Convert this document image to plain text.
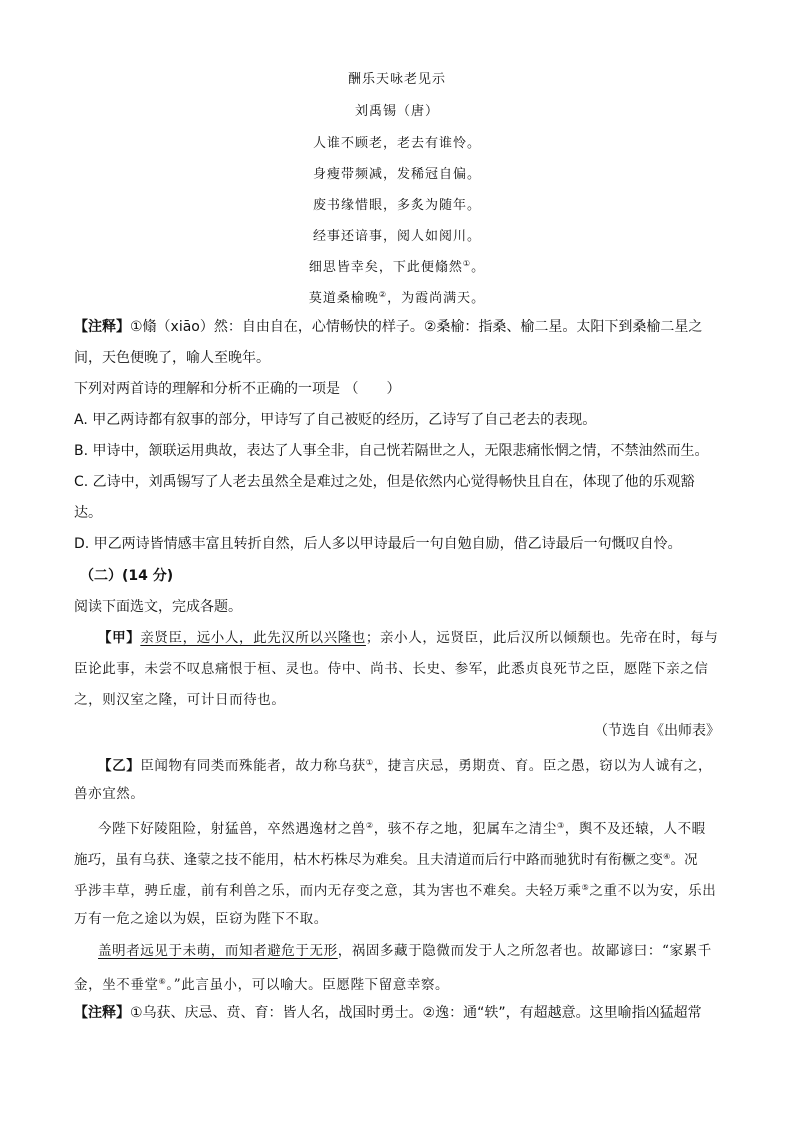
酬乐天咏老见示
刘禹锡（唐）
人谁不顾老，老去有谁怜。
身瘦带频减，发稀冠自偏。
废书缘惜眼，多炙为随年。
经事还谙事，阅人如阅川。
细思皆幸矣，下此便翛然①。
莫道桑榆晚②，为霞尚满天。
【注释】①翛（xiāo）然：自由自在，心情畅快的样子。②桑榆：指桑、榆二星。太阳下到桑榆二星之
间，天色便晚了，喻人至晚年。
下列对两首诗的理解和分析不正确的一项是 （　　）
A. 甲乙两诗都有叙事的部分，甲诗写了自己被贬的经历，乙诗写了自己老去的表现。
B. 甲诗中，颔联运用典故，表达了人事全非，自己恍若隔世之人，无限悲痛怅惘之情，不禁油然而生。
C. 乙诗中，刘禹锡写了人老去虽然全是难过之处，但是依然内心觉得畅快且自在，体现了他的乐观豁
达。
D. 甲乙两诗皆情感丰富且转折自然，后人多以甲诗最后一句自勉自励，借乙诗最后一句慨叹自怜。
（二）(14 分)
阅读下面选文，完成各题。
【甲】亲贤臣，远小人，此先汉所以兴隆也；亲小人，远贤臣，此后汉所以倾颓也。先帝在时，每与
臣论此事，未尝不叹息痛恨于桓、灵也。侍中、尚书、长史、参军，此悉贞良死节之臣，愿陛下亲之信
之，则汉室之隆，可计日而待也。
（节选自《出师表》
【乙】臣闻物有同类而殊能者，故力称乌获①，捷言庆忌，勇期贲、育。臣之愚，窃以为人诚有之，
兽亦宜然。
今陛下好陵阻险，射猛兽，卒然遇逸材之兽②，骇不存之地，犯属车之清尘③，舆不及还辕，人不暇
施巧，虽有乌获、逢蒙之技不能用，枯木朽株尽为难矣。且夫清道而后行中路而驰犹时有衔橛之变④。况
乎涉丰草，骋丘虚，前有利兽之乐，而内无存变之意，其为害也不难矣。夫轻万乘⑤之重不以为安，乐出
万有一危之途以为娱，臣窃为陛下不取。
盖明者远见于未萌，而知者避危于无形，祸固多藏于隐微而发于人之所忽者也。故鄙谚曰：“家累千
金，坐不垂堂⑥。”此言虽小，可以喻大。臣愿陛下留意幸察。
【注释】①乌获、庆忌、贲、育：皆人名，战国时勇士。②逸：通“轶”，有超越意。这里喻指凶猛超常
